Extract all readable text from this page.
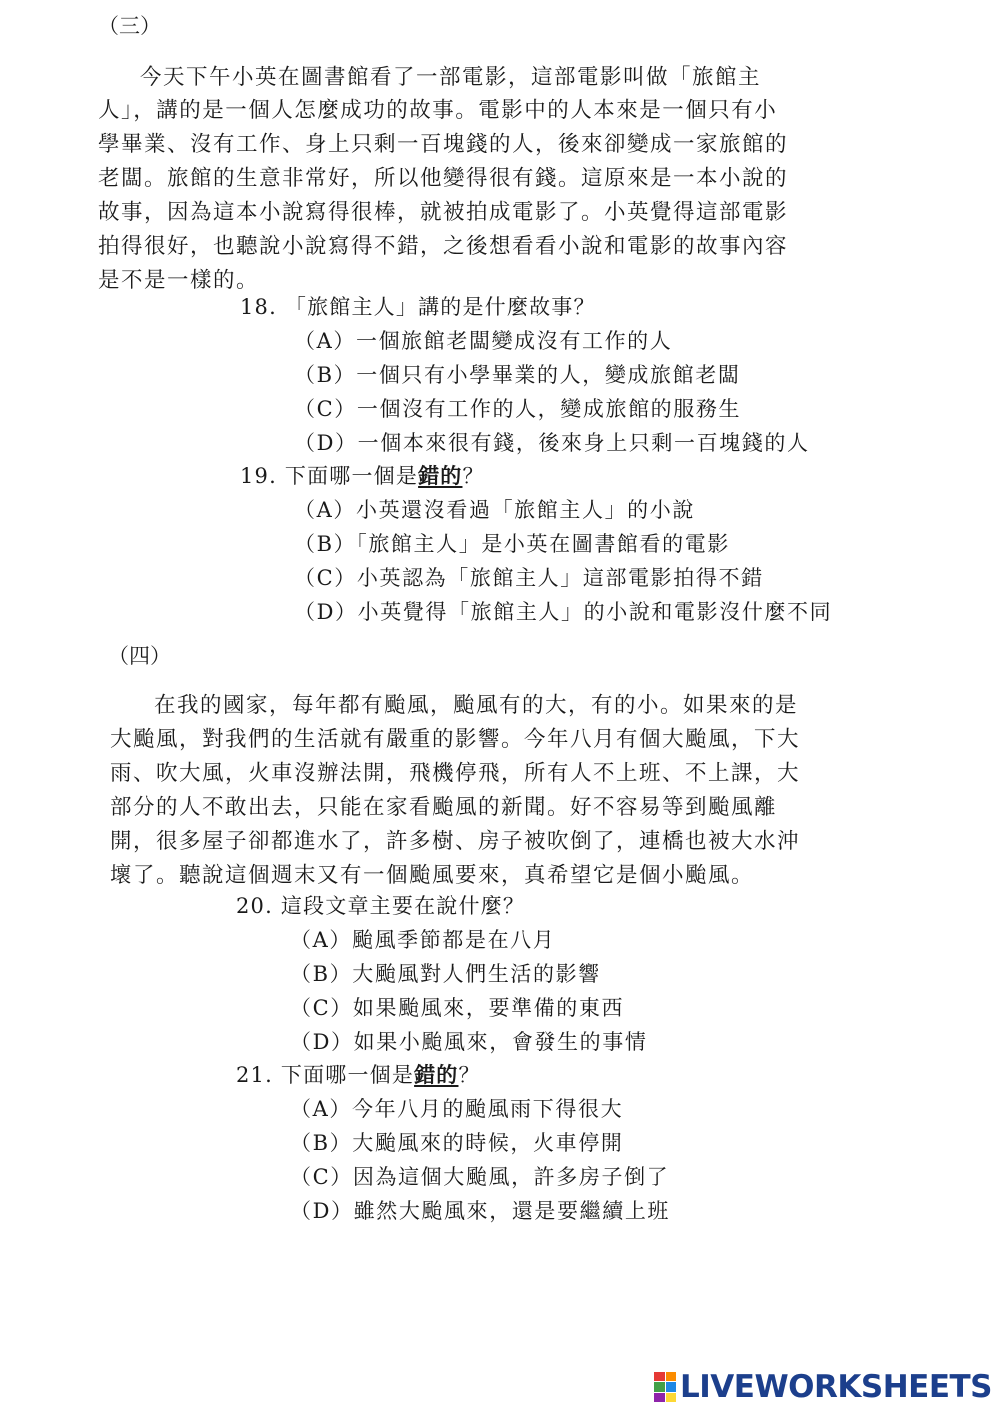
（三）
今天下午小英在圖書館看了一部電影，這部電影叫做「旅館主
人」，講的是一個人怎麼成功的故事。電影中的人本來是一個只有小
學畢業、沒有工作、身上只剩一百塊錢的人，後來卻變成一家旅館的
老闆。旅館的生意非常好，所以他變得很有錢。這原來是一本小說的
故事，因為這本小說寫得很棒，就被拍成電影了。小英覺得這部電影
拍得很好，也聽說小說寫得不錯，之後想看看小說和電影的故事內容
是不是一樣的。
18. 「旅館主人」講的是什麼故事？
（A）一個旅館老闆變成沒有工作的人
（B）一個只有小學畢業的人，變成旅館老闆
（C）一個沒有工作的人，變成旅館的服務生
（D）一個本來很有錢，後來身上只剩一百塊錢的人
19. 下面哪一個是錯的？
（A）小英還沒看過「旅館主人」的小說
（B）「旅館主人」是小英在圖書館看的電影
（C）小英認為「旅館主人」這部電影拍得不錯
（D）小英覺得「旅館主人」的小說和電影沒什麼不同
（四）
在我的國家，每年都有颱風，颱風有的大，有的小。如果來的是
大颱風，對我們的生活就有嚴重的影響。今年八月有個大颱風，下大
雨、吹大風，火車沒辦法開，飛機停飛，所有人不上班、不上課，大
部分的人不敢出去，只能在家看颱風的新聞。好不容易等到颱風離
開，很多屋子卻都進水了，許多樹、房子被吹倒了，連橋也被大水沖
壞了。聽說這個週末又有一個颱風要來，真希望它是個小颱風。
20. 這段文章主要在說什麼？
（A）颱風季節都是在八月
（B）大颱風對人們生活的影響
（C）如果颱風來，要準備的東西
（D）如果小颱風來，會發生的事情
21. 下面哪一個是錯的？
（A）今年八月的颱風雨下得很大
（B）大颱風來的時候，火車停開
（C）因為這個大颱風，許多房子倒了
（D）雖然大颱風來，還是要繼續上班
LIVEWORKSHEETS
